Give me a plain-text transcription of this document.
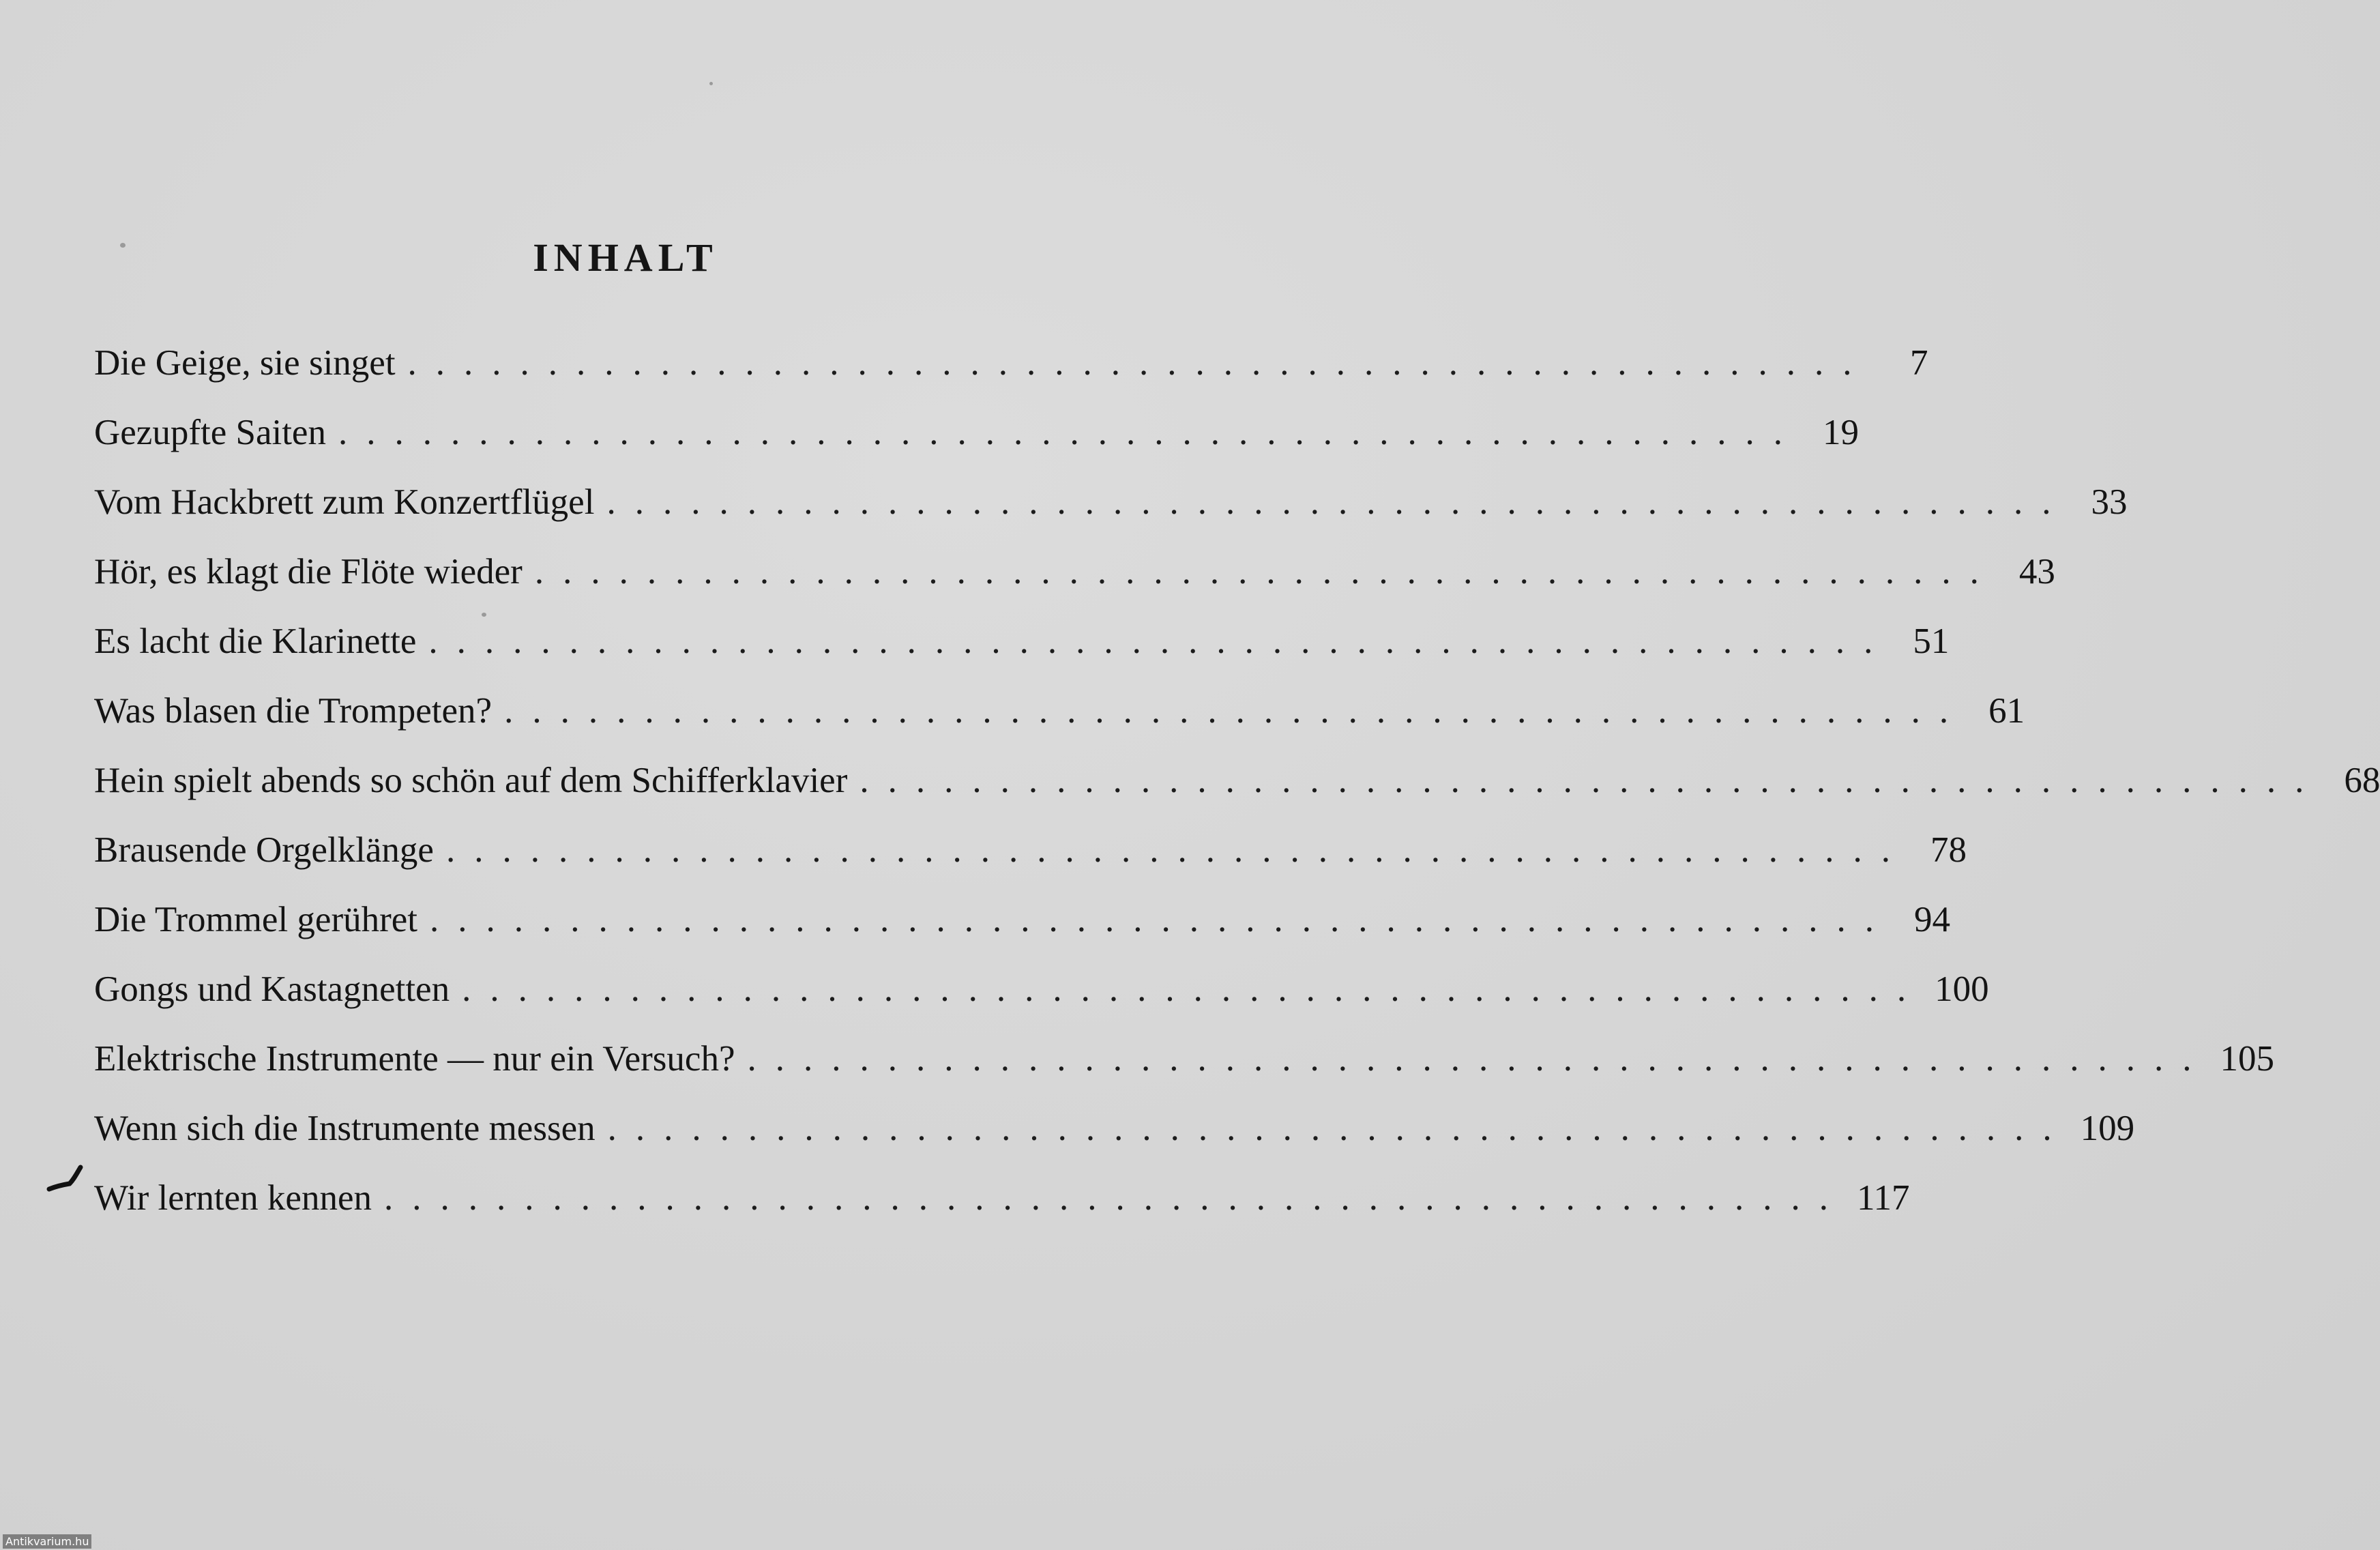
INHALT
Die Geige, sie singet ....................................................	7
Gezupfte Saiten .................................................... 19
Vom Hackbrett zum Konzertflügel .................................................... 33
Hör, es klagt die Flöte wieder .................................................... 43
Es lacht die Klarinette .................................................... 51
Was blasen die Trompeten? .................................................... 61
Hein spielt abends so schön auf dem Schifferklavier .................................................... 68
Brausende Orgelklänge .................................................... 78
Die Trommel gerühret .................................................... 94
Gongs und Kastagnetten .................................................... 100
Elektrische Instrumente — nur ein Versuch? .................................................... 105
Wenn sich die Instrumente messen .................................................... 109
Wir lernten kennen .................................................... 117
Antikvarium.hu
